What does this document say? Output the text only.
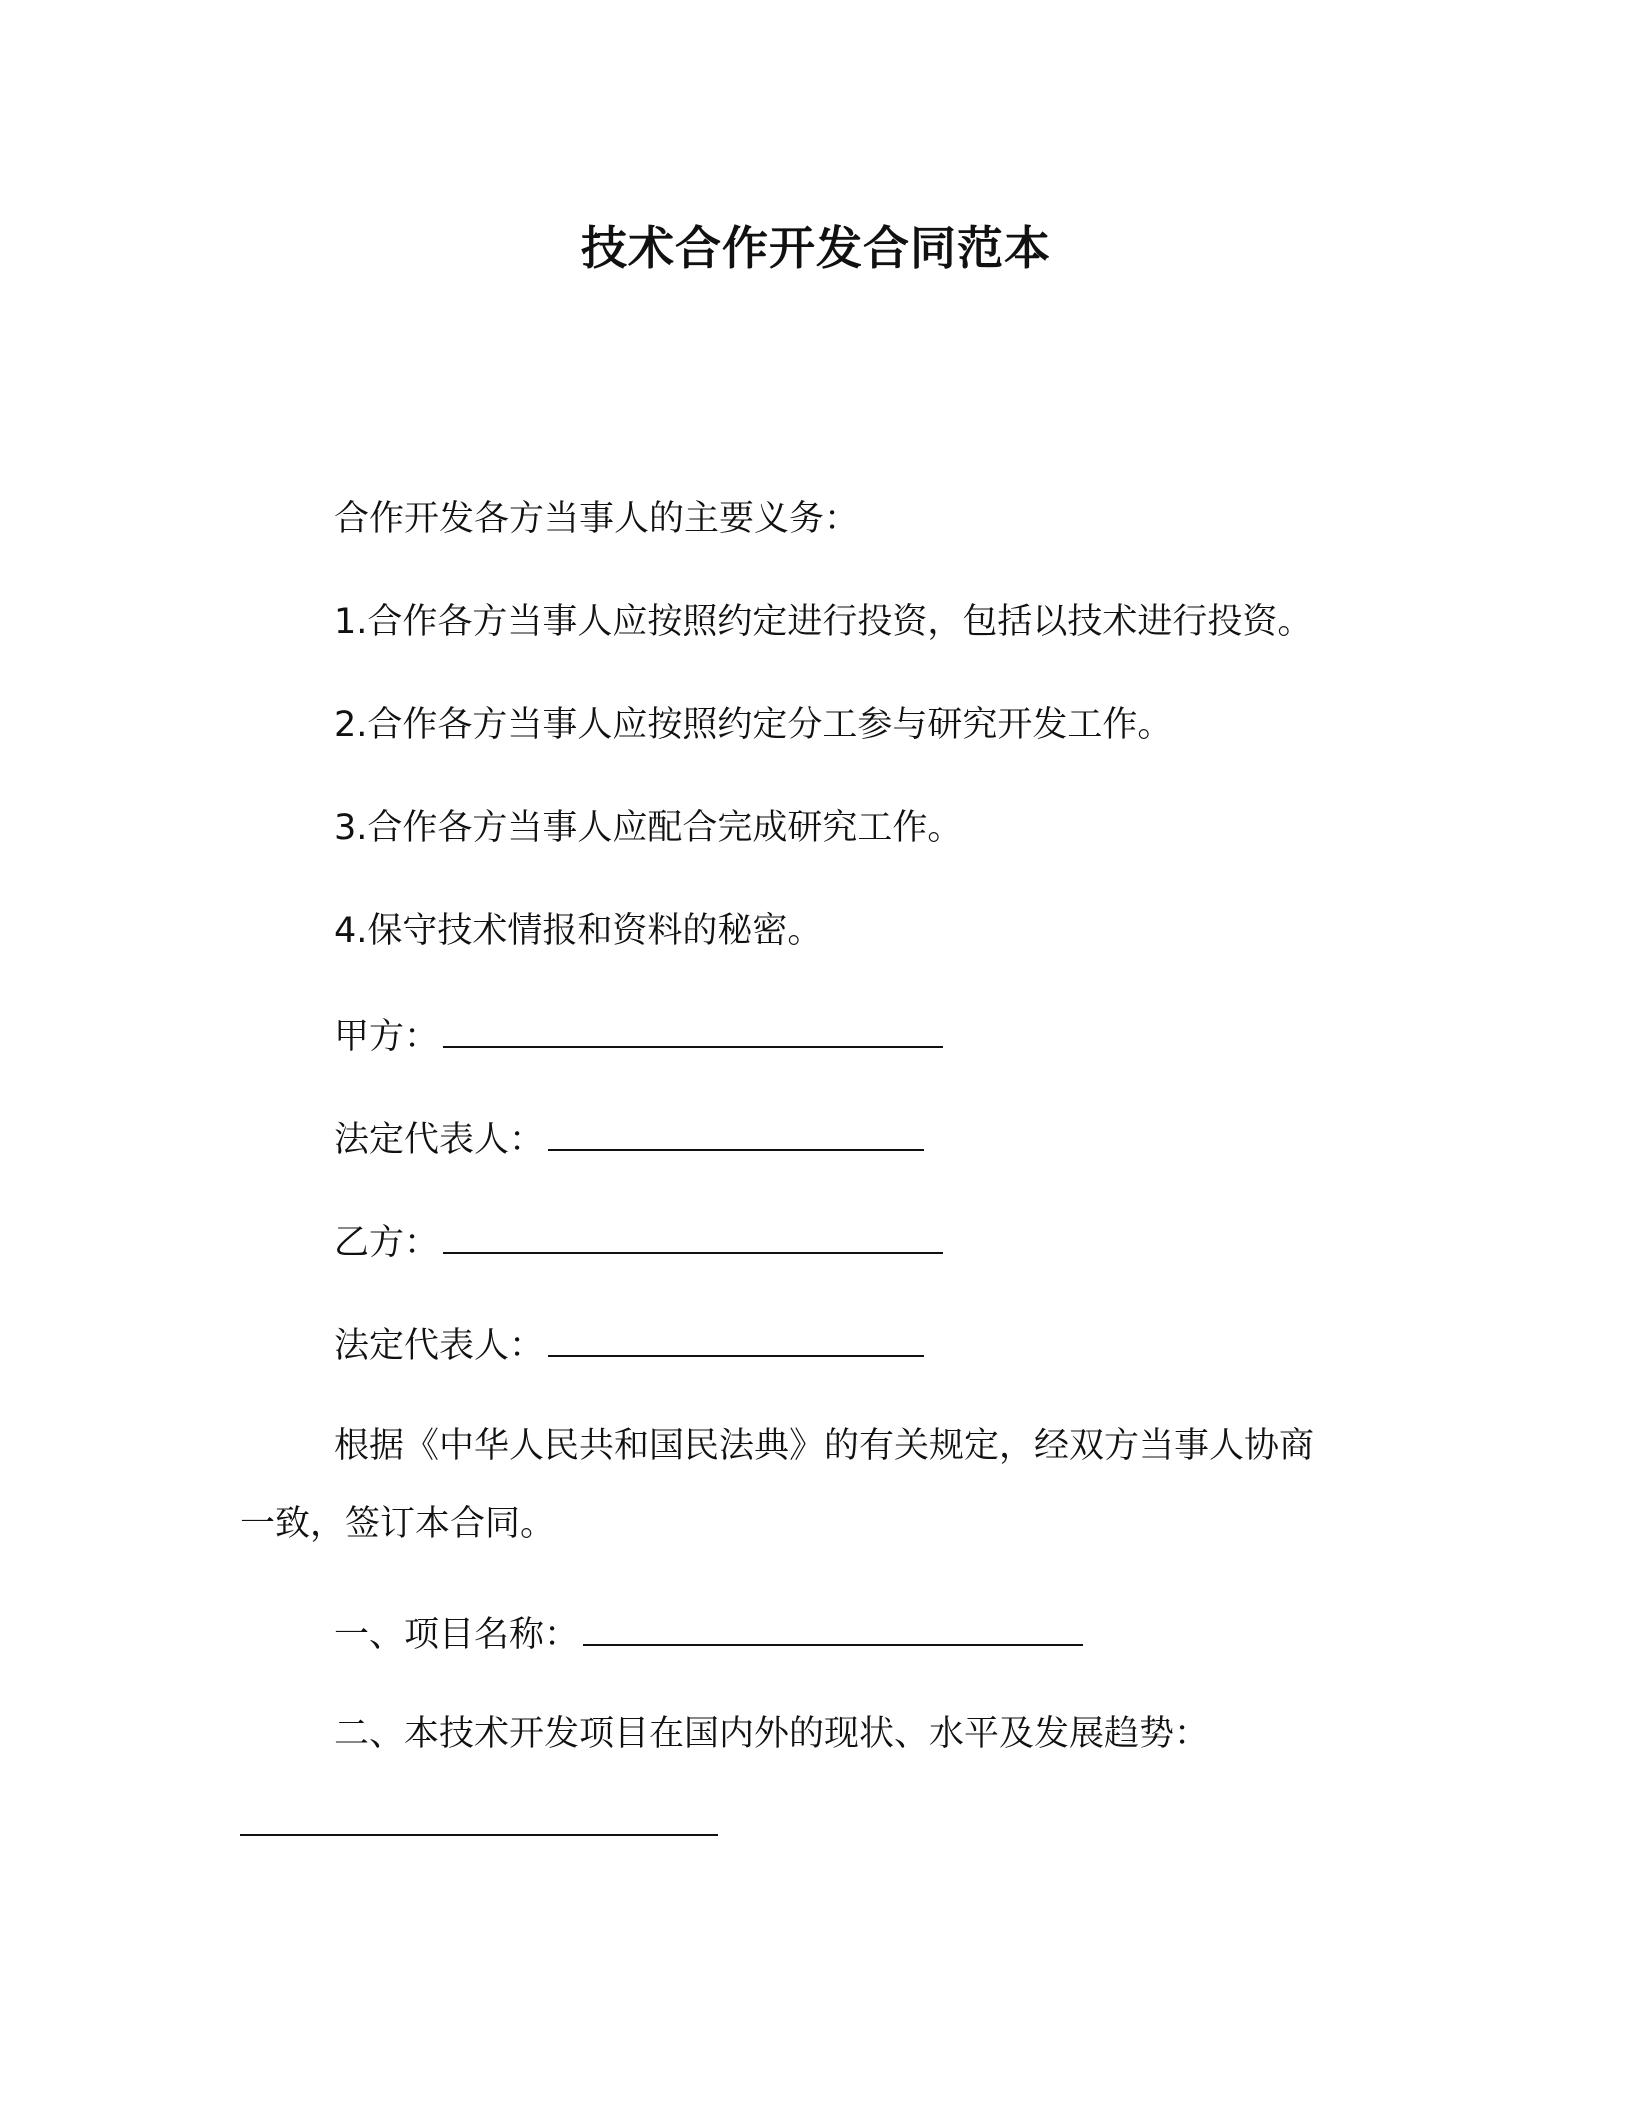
技术合作开发合同范本
合作开发各方当事人的主要义务：
1.合作各方当事人应按照约定进行投资，包括以技术进行投资。
2.合作各方当事人应按照约定分工参与研究开发工作。
3.合作各方当事人应配合完成研究工作。
4.保守技术情报和资料的秘密。
甲方：
法定代表人：
乙方：
法定代表人：
根据《中华人民共和国民法典》的有关规定，经双方当事人协商
一致，签订本合同。
一、项目名称：
二、本技术开发项目在国内外的现状、水平及发展趋势：
